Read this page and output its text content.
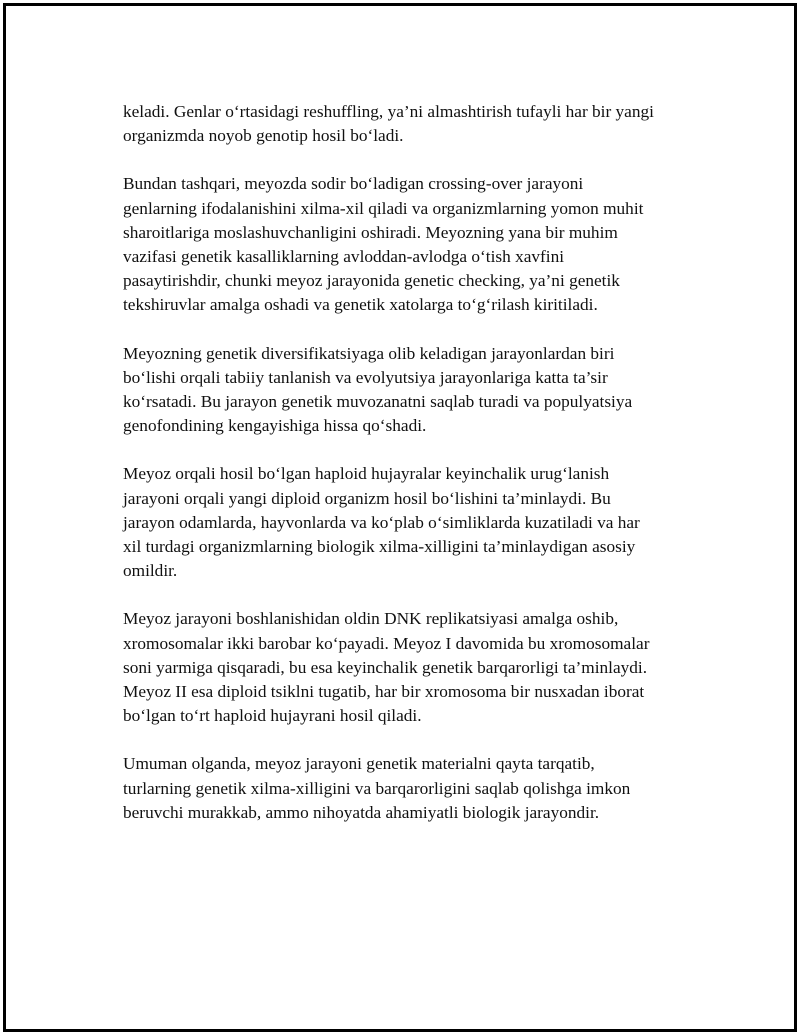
keladi. Genlar o‘rtasidagi reshuffling, ya’ni almashtirish tufayli har bir yangi
organizmda noyob genotip hosil bo‘ladi.

Bundan tashqari, meyozda sodir bo‘ladigan crossing-over jarayoni
genlarning ifodalanishini xilma-xil qiladi va organizmlarning yomon muhit
sharoitlariga moslashuvchanligini oshiradi. Meyozning yana bir muhim
vazifasi genetik kasalliklarning avloddan-avlodga o‘tish xavfini
pasaytirishdir, chunki meyoz jarayonida genetic checking, ya’ni genetik
tekshiruvlar amalga oshadi va genetik xatolarga to‘g‘rilash kiritiladi.

Meyozning genetik diversifikatsiyaga olib keladigan jarayonlardan biri
bo‘lishi orqali tabiiy tanlanish va evolyutsiya jarayonlariga katta ta’sir
ko‘rsatadi. Bu jarayon genetik muvozanatni saqlab turadi va populyatsiya
genofondining kengayishiga hissa qo‘shadi.

Meyoz orqali hosil bo‘lgan haploid hujayralar keyinchalik urug‘lanish
jarayoni orqali yangi diploid organizm hosil bo‘lishini ta’minlaydi. Bu
jarayon odamlarda, hayvonlarda va ko‘plab o‘simliklarda kuzatiladi va har
xil turdagi organizmlarning biologik xilma-xilligini ta’minlaydigan asosiy
omildir.

Meyoz jarayoni boshlanishidan oldin DNK replikatsiyasi amalga oshib,
xromosomalar ikki barobar ko‘payadi. Meyoz I davomida bu xromosomalar
soni yarmiga qisqaradi, bu esa keyinchalik genetik barqarorligi ta’minlaydi.
Meyoz II esa diploid tsiklni tugatib, har bir xromosoma bir nusxadan iborat
bo‘lgan to‘rt haploid hujayrani hosil qiladi.

Umuman olganda, meyoz jarayoni genetik materialni qayta tarqatib,
turlarning genetik xilma-xilligini va barqarorligini saqlab qolishga imkon
beruvchi murakkab, ammo nihoyatda ahamiyatli biologik jarayondir.
